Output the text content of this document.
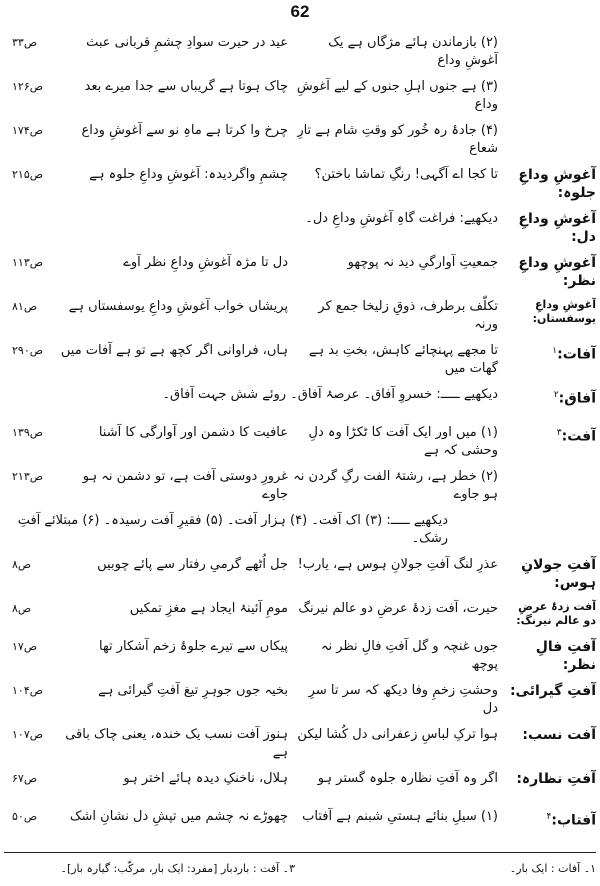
62
(۲) بازماندن ہائے مژگاں ہے یک آغوشِ وداع
عید در حیرت سوادِ چشمِ قربانی عبث
ص۳۳
(۳) ہے جنوں اہلِ جنوں کے لیے آغوشِ وداع
چاک ہوتا ہے گریباں سے جدا میرے بعد
ص۱۲۶
(۴) جادۂ رہ خُور کو وقتِ شام ہے تارِ شعاع
چرخ وا کرتا ہے ماہِ نو سے آغوشِ وداع
ص۱۷۴
آغوشِ وداعِ جلوہ:
تا کجا اے آگہی! رنگِ تماشا باختن؟
چشمِ واگردیدہ: آغوشِ وداعِ جلوہ ہے
ص۲۱۵
آغوشِ وداعِ دل:
دیکھیے: فراغت گاہِ آغوشِ وداعِ دل۔
آغوشِ وداعِ نظر:
جمعیتِ آوارگیِ دید نہ پوچھو
دل تا مژہ آغوشِ وداعِ نظر آوے
ص۱۱۳
آغوشِ وداعِ یوسفستاں:
تکلّف برطرف، ذوقِ زلیخا جمع کر ورنہ
پریشاں خواب آغوشِ وداعِ یوسفستاں ہے
ص۸۱
آفات:$^۱$
تا مجھے پہنچائے کاہش، بختِ بد ہے گھات میں
ہاں، فراوانی اگر کچھ ہے تو ہے آفات میں
ص۲۹۰
آفاق:$^۲$
دیکھیے ـــــ: خسروِ آفاق۔ عرصۂ آفاق۔ روئے شش جہت آفاق۔
آفت:$^۳$
(۱) میں اور ایک آفت کا ٹکڑا وہ دلِ وحشی کہ ہے
عافیت کا دشمن اور آوارگی کا آشنا
ص۱۳۹
(۲) خطر ہے، رشتۂ الفت رگِ گردن نہ ہو جاوے
غرورِ دوستی آفت ہے، تو دشمن نہ ہو جاوے
ص۲۱۳
دیکھیے ـــــ: (۳) اک آفت۔ (۴) ہزار آفت۔ (۵) فقیرِ آفت رسیدہ۔ (۶) مبتلائے آفتِ رشک۔
آفتِ جولانِ ہوس:
عذرِ لنگ آفتِ جولانِ ہوس ہے، یارب!
جل اُٹھے گرمیِ رفتار سے پائے چوبیں
ص۸
آفت زدۂ عرضِ دو عالم نیرنگ:
حیرت، آفت زدۂ عرضِ دو عالم نیرنگ
مومِ آئینۂ ایجاد ہے مغزِ تمکیں
ص۸
آفتِ فالِ نظر:
جوں غنچہ و گل آفتِ فالِ نظر نہ پوچھ
پیکاں سے تیرے جلوۂ زخم آشکار تھا
ص۱۷
آفتِ گیرائی:
وحشتِ زخمِ وفا دیکھ کہ سر تا سرِ دل
بخیہ جوں جوہرِ تیغ آفتِ گیرائی ہے
ص۱۰۴
آفت نسب:
ہوا ترکِ لباسِ زعفرانی دل کُشا لیکن
ہنوز آفت نسب یک خندہ، یعنی چاک باقی ہے
ص۱۰۷
آفتِ نظارہ:
اگر وہ آفتِ نظارہ جلوہ گستر ہو
ہلال، ناخنکِ دیدہ ہائے اختر ہو
ص۶۷
آفتاب:$^۴$
(۱) سیلِ بنائے ہستیِ شبنم ہے آفتاب
چھوڑے نہ چشم میں تپشِ دل نشانِ اشک
ص۵۰
۱۔ آفات : ایک بار۔
۳۔ آفت : باردبار [مفرد: ایک بار، مرکّب: گیارہ بار]۔
